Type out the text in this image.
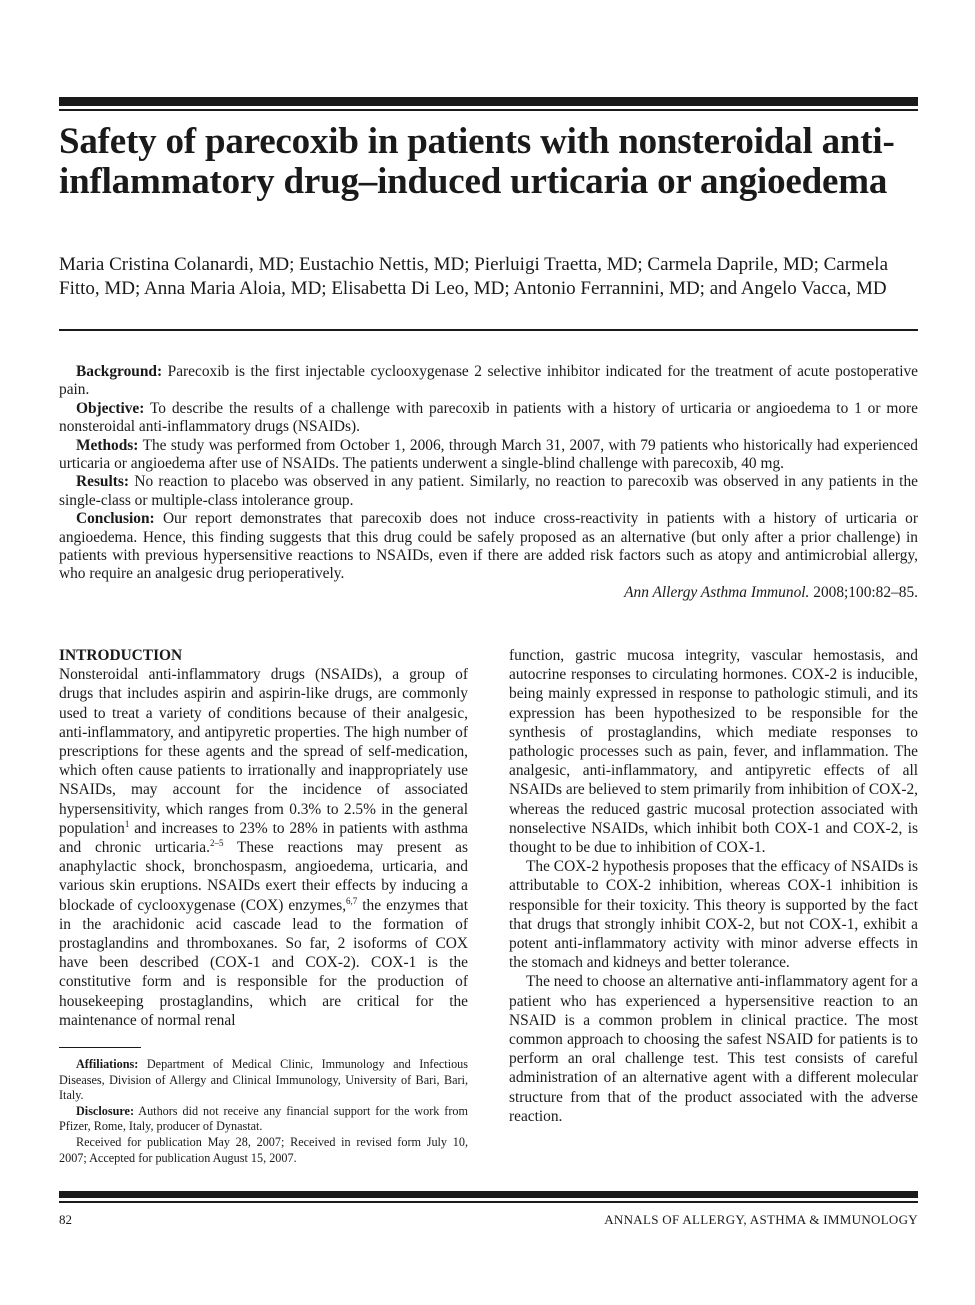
Safety of parecoxib in patients with nonsteroidal anti-inflammatory drug–induced urticaria or angioedema

Maria Cristina Colanardi, MD; Eustachio Nettis, MD; Pierluigi Traetta, MD; Carmela Daprile, MD; Carmela Fitto, MD; Anna Maria Aloia, MD; Elisabetta Di Leo, MD; Antonio Ferrannini, MD; and Angelo Vacca, MD

Background: Parecoxib is the first injectable cyclooxygenase 2 selective inhibitor indicated for the treatment of acute postoperative pain.

Objective: To describe the results of a challenge with parecoxib in patients with a history of urticaria or angioedema to 1 or more nonsteroidal anti-inflammatory drugs (NSAIDs).

Methods: The study was performed from October 1, 2006, through March 31, 2007, with 79 patients who historically had experienced urticaria or angioedema after use of NSAIDs. The patients underwent a single-blind challenge with parecoxib, 40 mg.

Results: No reaction to placebo was observed in any patient. Similarly, no reaction to parecoxib was observed in any patients in the single-class or multiple-class intolerance group.

Conclusion: Our report demonstrates that parecoxib does not induce cross-reactivity in patients with a history of urticaria or angioedema. Hence, this finding suggests that this drug could be safely proposed as an alternative (but only after a prior challenge) in patients with previous hypersensitive reactions to NSAIDs, even if there are added risk factors such as atopy and antimicrobial allergy, who require an analgesic drug perioperatively.

Ann Allergy Asthma Immunol. 2008;100:82–85.

INTRODUCTION

Nonsteroidal anti-inflammatory drugs (NSAIDs), a group of drugs that includes aspirin and aspirin-like drugs, are commonly used to treat a variety of conditions because of their analgesic, anti-inflammatory, and antipyretic properties. The high number of prescriptions for these agents and the spread of self-medication, which often cause patients to irrationally and inappropriately use NSAIDs, may account for the incidence of associated hypersensitivity, which ranges from 0.3% to 2.5% in the general population$^1$ and increases to 23% to 28% in patients with asthma and chronic urticaria.$^{2-5}$ These reactions may present as anaphylactic shock, bronchospasm, angioedema, urticaria, and various skin eruptions. NSAIDs exert their effects by inducing a blockade of cyclooxygenase (COX) enzymes,$^{6,7}$ the enzymes that in the arachidonic acid cascade lead to the formation of prostaglandins and thromboxanes. So far, 2 isoforms of COX have been described (COX-1 and COX-2). COX-1 is the constitutive form and is responsible for the production of housekeeping prostaglandins, which are critical for the maintenance of normal renal

Affiliations: Department of Medical Clinic, Immunology and Infectious Diseases, Division of Allergy and Clinical Immunology, University of Bari, Bari, Italy.

Disclosure: Authors did not receive any financial support for the work from Pfizer, Rome, Italy, producer of Dynastat.

Received for publication May 28, 2007; Received in revised form July 10, 2007; Accepted for publication August 15, 2007.

function, gastric mucosa integrity, vascular hemostasis, and autocrine responses to circulating hormones. COX-2 is inducible, being mainly expressed in response to pathologic stimuli, and its expression has been hypothesized to be responsible for the synthesis of prostaglandins, which mediate responses to pathologic processes such as pain, fever, and inflammation. The analgesic, anti-inflammatory, and antipyretic effects of all NSAIDs are believed to stem primarily from inhibition of COX-2, whereas the reduced gastric mucosal protection associated with nonselective NSAIDs, which inhibit both COX-1 and COX-2, is thought to be due to inhibition of COX-1.

The COX-2 hypothesis proposes that the efficacy of NSAIDs is attributable to COX-2 inhibition, whereas COX-1 inhibition is responsible for their toxicity. This theory is supported by the fact that drugs that strongly inhibit COX-2, but not COX-1, exhibit a potent anti-inflammatory activity with minor adverse effects in the stomach and kidneys and better tolerance.

The need to choose an alternative anti-inflammatory agent for a patient who has experienced a hypersensitive reaction to an NSAID is a common problem in clinical practice. The most common approach to choosing the safest NSAID for patients is to perform an oral challenge test. This test consists of careful administration of an alternative agent with a different molecular structure from that of the product associated with the adverse reaction.

82	ANNALS OF ALLERGY, ASTHMA & IMMUNOLOGY
